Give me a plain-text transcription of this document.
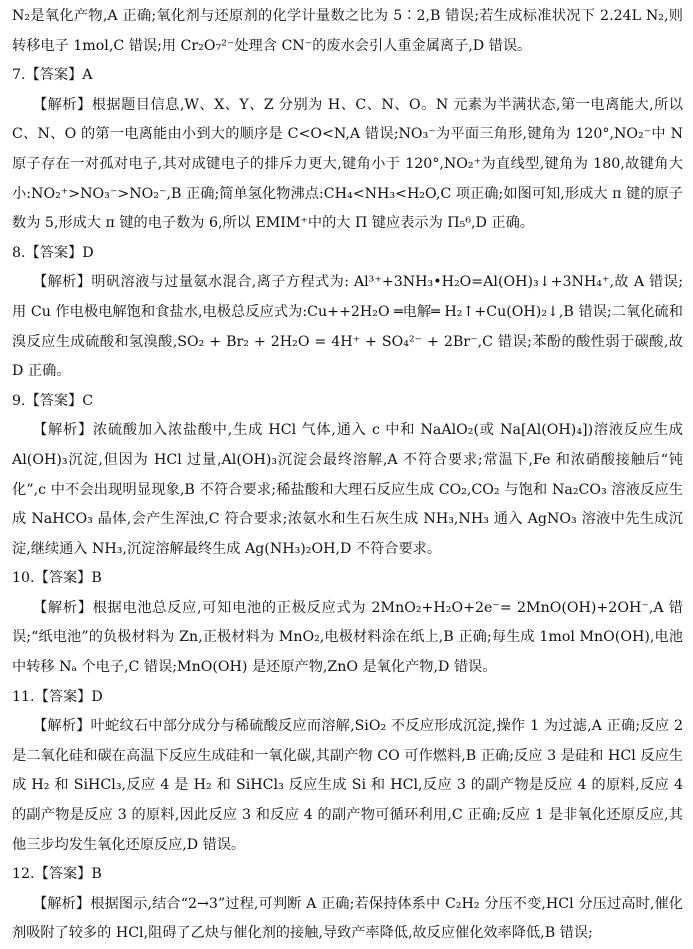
N₂是氧化产物,A 正确;氧化剂与还原剂的化学计量数之比为 5∶2,B 错误;若生成标准状况下 2.24L N₂,则转移电子 1mol,C 错误;用 Cr₂O₇²⁻处理含 CN⁻的废水会引人重金属离子,D 错误。
7.【答案】A
【解析】根据题目信息,W、X、Y、Z 分别为 H、C、N、O。N 元素为半满状态,第一电离能大,所以 C、N、O 的第一电离能由小到大的顺序是 C<O<N,A 错误;NO₃⁻为平面三角形,键角为 120°,NO₂⁻中 N 原子存在一对孤对电子,其对成键电子的排斥力更大,键角小于 120°,NO₂⁺为直线型,键角为 180,故键角大小:NO₂⁺>NO₃⁻>NO₂⁻,B 正确;简单氢化物沸点:CH₄<NH₃<H₂O,C 项正确;如图可知,形成大 π 键的原子数为 5,形成大 π 键的电子数为 6,所以 EMIM⁺中的大 Π 键应表示为 Π₅⁶,D 正确。
8.【答案】D
【解析】明矾溶液与过量氨水混合,离子方程式为: Al³⁺+3NH₃•H₂O=Al(OH)₃↓+3NH₄⁺,故 A 错误;用 Cu 作电极电解饱和食盐水,电极总反应式为:Cu++2H₂O ═电解═ H₂↑+Cu(OH)₂↓,B 错误;二氧化硫和溴反应生成硫酸和氢溴酸,SO₂ + Br₂ + 2H₂O = 4H⁺ + SO₄²⁻ + 2Br⁻,C 错误;苯酚的酸性弱于碳酸,故 D 正确。
9.【答案】C
【解析】浓硫酸加入浓盐酸中,生成 HCl 气体,通入 c 中和 NaAlO₂(或 Na[Al(OH)₄])溶液反应生成 Al(OH)₃沉淀,但因为 HCl 过量,Al(OH)₃沉淀会最终溶解,A 不符合要求;常温下,Fe 和浓硝酸接触后“钝化”,c 中不会出现明显现象,B 不符合要求;稀盐酸和大理石反应生成 CO₂,CO₂ 与饱和 Na₂CO₃ 溶液反应生成 NaHCO₃ 晶体,会产生浑浊,C 符合要求;浓氨水和生石灰生成 NH₃,NH₃ 通入 AgNO₃ 溶液中先生成沉淀,继续通入 NH₃,沉淀溶解最终生成 Ag(NH₃)₂OH,D 不符合要求。
10.【答案】B
【解析】根据电池总反应,可知电池的正极反应式为 2MnO₂+H₂O+2e⁻= 2MnO(OH)+2OH⁻,A 错误;“纸电池”的负极材料为 Zn,正极材料为 MnO₂,电极材料涂在纸上,B 正确;每生成 1mol MnO(OH),电池中转移 Nₐ 个电子,C 错误;MnO(OH) 是还原产物,ZnO 是氧化产物,D 错误。
11.【答案】D
【解析】叶蛇纹石中部分成分与稀硫酸反应而溶解,SiO₂ 不反应形成沉淀,操作 1 为过滤,A 正确;反应 2 是二氧化硅和碳在高温下反应生成硅和一氧化碳,其副产物 CO 可作燃料,B 正确;反应 3 是硅和 HCl 反应生成 H₂ 和 SiHCl₃,反应 4 是 H₂ 和 SiHCl₃ 反应生成 Si 和 HCl,反应 3 的副产物是反应 4 的原料,反应 4 的副产物是反应 3 的原料,因此反应 3 和反应 4 的副产物可循环利用,C 正确;反应 1 是非氧化还原反应,其他三步均发生氧化还原反应,D 错误。
12.【答案】B
【解析】根据图示,结合“2→3”过程,可判断 A 正确;若保持体系中 C₂H₂ 分压不变,HCl 分压过高时,催化剂吸附了较多的 HCl,阻碍了乙炔与催化剂的接触,导致产率降低,故反应催化效率降低,B 错误;
